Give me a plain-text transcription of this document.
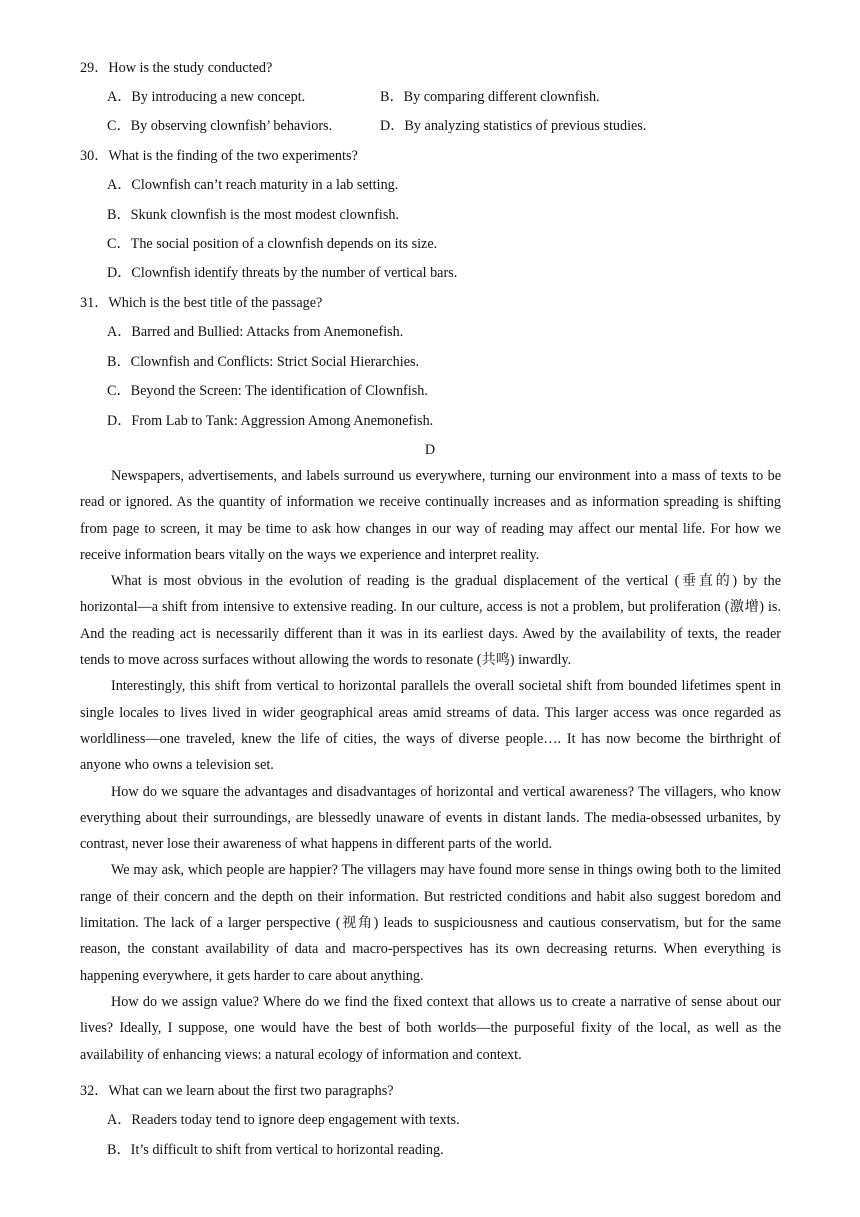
29．How is the study conducted?
A．By introducing a new concept.	B．By comparing different clownfish.
C．By observing clownfish’ behaviors.	D．By analyzing statistics of previous studies.
30．What is the finding of the two experiments?
A．Clownfish can’t reach maturity in a lab setting.
B．Skunk clownfish is the most modest clownfish.
C．The social position of a clownfish depends on its size.
D．Clownfish identify threats by the number of vertical bars.
31．Which is the best title of the passage?
A．Barred and Bullied: Attacks from Anemonefish.
B．Clownfish and Conflicts: Strict Social Hierarchies.
C．Beyond the Screen: The identification of Clownfish.
D．From Lab to Tank: Aggression Among Anemonefish.
D

Newspapers, advertisements, and labels surround us everywhere, turning our environment into a mass of texts to be read or ignored. As the quantity of information we receive continually increases and as information spreading is shifting from page to screen, it may be time to ask how changes in our way of reading may affect our mental life. For how we receive information bears vitally on the ways we experience and interpret reality.

What is most obvious in the evolution of reading is the gradual displacement of the vertical (垂直的) by the horizontal—a shift from intensive to extensive reading. In our culture, access is not a problem, but proliferation (激增) is. And the reading act is necessarily different than it was in its earliest days. Awed by the availability of texts, the reader tends to move across surfaces without allowing the words to resonate (共鸣) inwardly.

Interestingly, this shift from vertical to horizontal parallels the overall societal shift from bounded lifetimes spent in single locales to lives lived in wider geographical areas amid streams of data. This larger access was once regarded as worldliness—one traveled, knew the life of cities, the ways of diverse people…. It has now become the birthright of anyone who owns a television set.

How do we square the advantages and disadvantages of horizontal and vertical awareness? The villagers, who know everything about their surroundings, are blessedly unaware of events in distant lands. The media-obsessed urbanites, by contrast, never lose their awareness of what happens in different parts of the world.

We may ask, which people are happier? The villagers may have found more sense in things owing both to the limited range of their concern and the depth on their information. But restricted conditions and habit also suggest boredom and limitation. The lack of a larger perspective (视角) leads to suspiciousness and cautious conservatism, but for the same reason, the constant availability of data and macro-perspectives has its own decreasing returns. When everything is happening everywhere, it gets harder to care about anything.

How do we assign value? Where do we find the fixed context that allows us to create a narrative of sense about our lives? Ideally, I suppose, one would have the best of both worlds—the purposeful fixity of the local, as well as the availability of enhancing views: a natural ecology of information and context.

32．What can we learn about the first two paragraphs?
A．Readers today tend to ignore deep engagement with texts.
B．It’s difficult to shift from vertical to horizontal reading.
